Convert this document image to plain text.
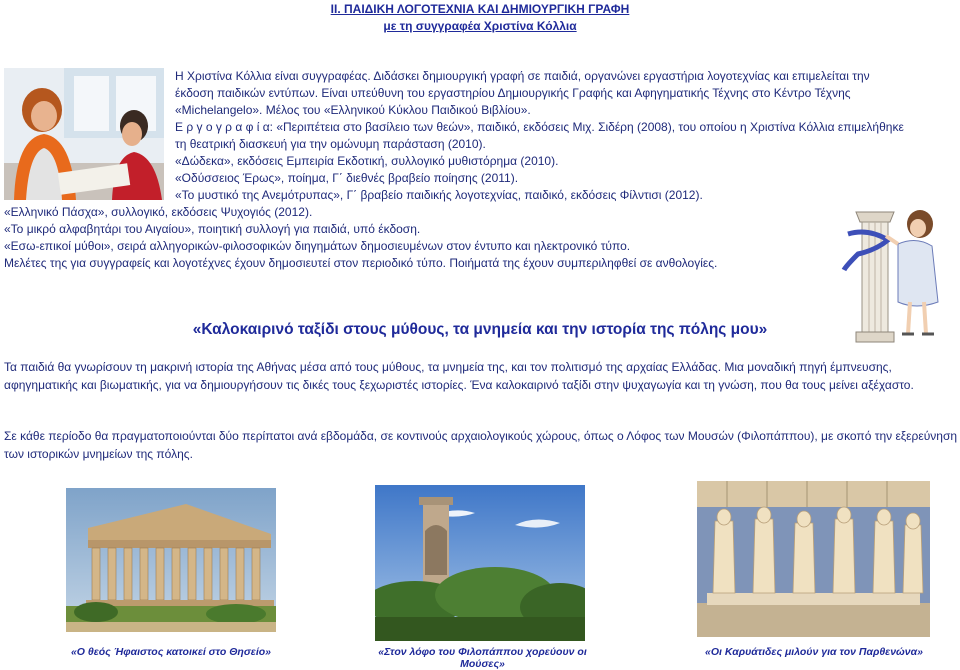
ΙΙ. ΠΑΙΔΙΚΗ ΛΟΓΟΤΕΧΝΙΑ ΚΑΙ ΔΗΜΙΟΥΡΓΙΚΗ ΓΡΑΦΗ
με τη συγγραφέα Χριστίνα Κόλλια
Η Χριστίνα Κόλλια είναι συγγραφέας. Διδάσκει δημιουργική γραφή σε παιδιά, οργανώνει εργαστήρια λογοτεχνίας και επιμελείται την
έκδοση παιδικών εντύπων. Είναι υπεύθυνη του εργαστηρίου Δημιουργικής Γραφής και Αφηγηματικής Τέχνης στο Κέντρο Τέχνης
«Michelangelo». Μέλος του «Ελληνικού Κύκλου Παιδικού Βιβλίου».
Ε ρ γ ο γ ρ α φ ί α: «Περιπέτεια στο βασίλειο των θεών», παιδικό, εκδόσεις Μιχ. Σιδέρη (2008), του οποίου η Χριστίνα Κόλλια επιμελήθηκε
τη θεατρική διασκευή για την ομώνυμη παράσταση (2010).
«Δώδεκα», εκδόσεις Εμπειρία Εκδοτική, συλλογικό μυθιστόρημα (2010).
«Οδύσσειος Έρως», ποίημα, Γ΄ διεθνές βραβείο ποίησης (2011).
«Το μυστικό της Ανεμότρυπας», Γ΄ βραβείο παιδικής λογοτεχνίας, παιδικό, εκδόσεις Φίλντισι (2012).
«Ελληνικό Πάσχα», συλλογικό, εκδόσεις Ψυχογιός (2012).
«Το μικρό αλφαβητάρι του Αιγαίου», ποιητική συλλογή για παιδιά, υπό έκδοση.
«Εσω-επικοί μύθοι», σειρά αλληγορικών-φιλοσοφικών διηγημάτων δημοσιευμένων στον έντυπο και ηλεκτρονικό τύπο.
Μελέτες της για συγγραφείς και λογοτέχνες έχουν δημοσιευτεί στον περιοδικό τύπο. Ποιήματά της έχουν συμπεριληφθεί σε ανθολογίες.
«Καλοκαιρινό ταξίδι στους μύθους, τα μνημεία και την ιστορία της πόλης μου»
Τα παιδιά θα γνωρίσουν τη μακρινή ιστορία της Αθήνας μέσα από τους μύθους, τα μνημεία της, και τον πολιτισμό της αρχαίας Ελλάδας. Μια μοναδική πηγή έμπνευσης, αφηγηματικής και βιωματικής, για να δημιουργήσουν τις δικές τους ξεχωριστές ιστορίες. Ένα καλοκαιρινό ταξίδι στην ψυχαγωγία και τη γνώση, που θα τους μείνει αξέχαστο.
Σε κάθε περίοδο θα πραγματοποιούνται δύο περίπατοι ανά εβδομάδα, σε κοντινούς αρχαιολογικούς χώρους, όπως ο Λόφος των Μουσών (Φιλοπάππου), με σκοπό την εξερεύνηση των ιστορικών μνημείων της πόλης.
«Ο θεός Ήφαιστος κατοικεί στο Θησείο»	«Στον λόφο του Φιλοπάππου χορεύουν οι Μούσες»
«Οι Καρυάτιδες μιλούν για τον Παρθενώνα»
